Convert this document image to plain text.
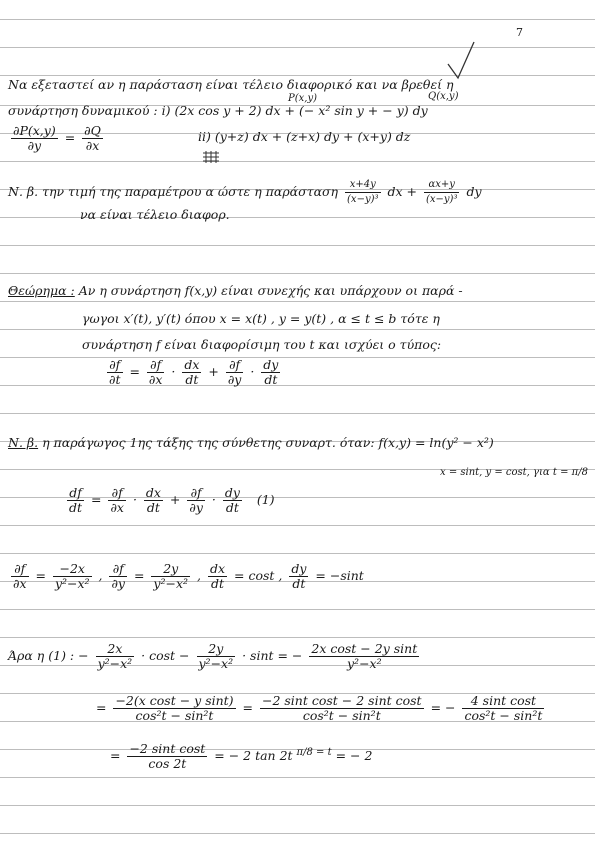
7
Να εξεταστεί αν η παράσταση είναι τέλειο διαφορικό και να βρεθεί η
P(x,y)	Q(x,y)
συνάρτηση δυναμικού : i) (2x cos y + 2) dx + (− x² sin y + − y) dy
$\frac{\partial P(x,y)}{\partial y} = \frac{\partial Q}{\partial x}$	ii) (y+z) dx + (z+x) dy + (x+y) dz
Ν. β. την τιμή της παραμέτρου α ώστε η παράσταση $\frac{x+4y}{\text{(x−y)³}}$ dx + $\frac{\alpha x+y}{\text{(x−y)³}}$ dy
να είναι τέλειο διαφορ.
Θεώρημα : Αν η συνάρτηση f(x,y) είναι συνεχής και υπάρχουν οι παρά -
γωγοι x′(t), y′(t) όπου x = x(t) , y = y(t) , α ≤ t ≤ b τότε η
συνάρτηση f είναι διαφορίσιμη του t και ισχύει ο τύπος:
$\frac{\partial f}{\partial t} = \frac{\partial f}{\partial x} \cdot \frac{dx}{dt} + \frac{\partial f}{\partial y} \cdot \frac{dy}{dt}$
Ν. β. η παράγωγος 1ης τάξης της σύνθετης συναρτ. όταν: f(x,y) = ln(y² − x²)
x = sint, y = cost, για t = π/8
$\frac{df}{dt} = \frac{\partial f}{\partial x} \cdot \frac{dx}{dt} + \frac{\partial f}{\partial y} \cdot \frac{dy}{dt} (1)$
$\frac{\partial f}{\partial x} = \frac{-2x}{\text{y²−x²}}$ , $\frac{\partial f}{\partial y} = \frac{2y}{\text{y²−x²}}$ , $\frac{dx}{dt} = \cos t$ , $\frac{dy}{dt} = -\sin t$
Άρα η (1) : − $\frac{2x}{\text{y²−x²}} \cdot \cos t - \frac{2y}{\text{y²−x²}} \cdot \sin t$ = − $\frac{\text{2x cost − 2y sint}}{\text{y²−x²}}$
= $\frac{\text{−2(x cost − y sint)}}{\text{cos²t − sin²t}} = \frac{\text{−2 sint cost − 2 sint cost}}{\text{cos²t − sin²t}}$ = − $\frac{\text{4 sint cost}}{\text{cos²t − sin²t}}$
= $\frac{\text{−2 sint cost}}{\cos 2t}$ = − 2 tan 2t $^{\pi/8 = t}$ = − 2
